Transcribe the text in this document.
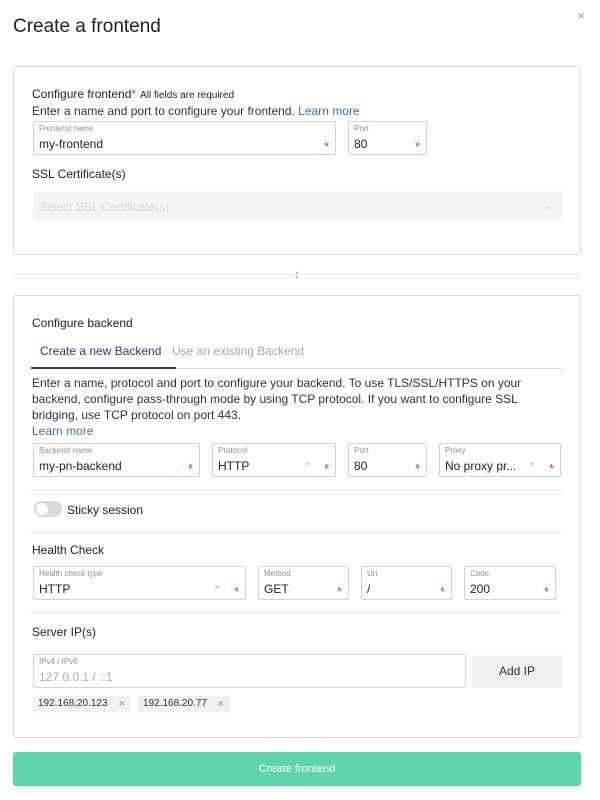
×
Create a frontend
Configure frontend* All fields are required
Enter a name and port to configure your frontend. Learn more
Frontend name
my-frontend	*
Port
80	*
SSL Certificate(s)
Select SSL Certificate(s)	⌄
↕
Configure backend
Create a new Backend Use an existing Backend
Enter a name, protocol and port to configure your backend. To use TLS/SSL/HTTPS on your backend, configure pass-through mode by using TCP protocol. If you want to configure SSL bridging, use TCP protocol on port 443.
Learn more
Backend name
my-pn-backend	*
Protocol
HTTP	⌄ *
Port
80	*
Proxy
No proxy pr...	⌄ *
Sticky session
Health Check
Health check type
HTTP	⌄ *
Method
GET	*
Uri
/	*
Code
200	*
Server IP(s)
IPv4 / IPv6
127.0.0.1 / ::1	Add IP
192.168.20.123 ×	192.168.20.77 ×
Create frontend
